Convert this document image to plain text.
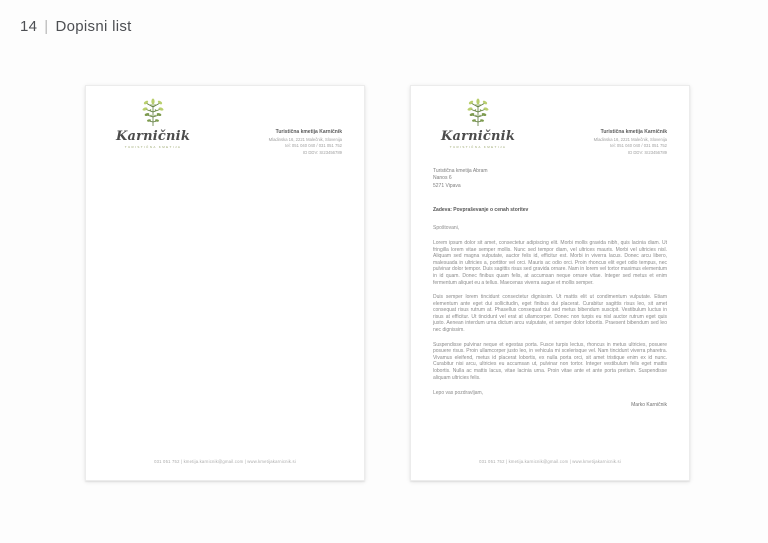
14 | Dopisni list
Karničnik
TURISTIČNA KMETIJA
Turistična kmetija Karničnik
Mladinska 16, 2221 Malečnik, Slovenija
tel: 051 040 040 / 031 051 752
ID DDV: SI23456789
031 051 752 | kmetija.karnicnik@gmail.com | www.kmetijakarnicnik.si
Karničnik
TURISTIČNA KMETIJA
Turistična kmetija Karničnik
Mladinska 16, 2221 Malečnik, Slovenija
tel: 051 040 040 / 031 051 752
ID DDV: SI23456789
Turistična kmetija Abram
Nanos 6
5271 Vipava
Zadeva: Povpraševanje o cenah storitev
Spoštovani,

Lorem ipsum dolor sit amet, consectetur adipiscing elit. Morbi mollis gravida nibh, quis lacinia diam. Ut fringilla lorem vitae semper mollis. Nunc sed tempor diam, vel ultrices mauris. Morbi vel ultricies nisl. Aliquam sed magna vulputate, auctor felis id, efficitur est. Morbi in viverra lacus. Donec arcu libero, malesuada in ultricies a, porttitor vel orci. Mauris ac odio orci. Proin rhoncus elit eget odio tempus, nec pulvinar dolor tempor. Duis sagittis risus sed gravida ornare. Nam in lorem vel tortor maximus elementum in id quam. Donec finibus quam felis, at accumsan neque ornare vitae. Integer sed metus et enim fermentum aliquet eu a tellus. Maecenas viverra augue et mollis semper.

Duis semper lorem tincidunt consectetur dignissim. Ut mattis elit ut condimentum vulputate. Etiam elementum ante eget dui sollicitudin, eget finibus dui placerat. Curabitur sagittis risus leo, sit amet consequat risus rutrum at. Phasellus consequat dui sed metus bibendum suscipit. Vestibulum luctus in risus at efficitur. Ut tincidunt vel erat at ullamcorper. Donec non turpis eu nisl auctor rutrum eget quis justo. Aenean interdum urna dictum arcu vulputate, et semper dolor lobortis. Praesent bibendum sed leo nec dignissim.

Suspendisse pulvinar neque et egestas porta. Fusce turpis lectus, rhoncus in metus ultricies, posuere posuere risus. Proin ullamcorper justo leo, in vehicula mi scelerisque vel. Nam tincidunt viverra pharetra. Vivamus eleifend, metus id placerat lobortis, ex nulla porta orci, sit amet tristique enim ex id nunc. Curabitur nisi arcu, ultricies eu accumsan ut, pulvinar non tortor. Integer vestibulum felis eget mattis lobortis. Nulla ac mattis lacus, vitae lacinia urna. Proin vitae ante et ante porta pretium. Suspendisse aliquam ultricies felis.

Lepo vas pozdravljam,
Marko Karničnik
031 051 752 | kmetija.karnicnik@gmail.com | www.kmetijakarnicnik.si
